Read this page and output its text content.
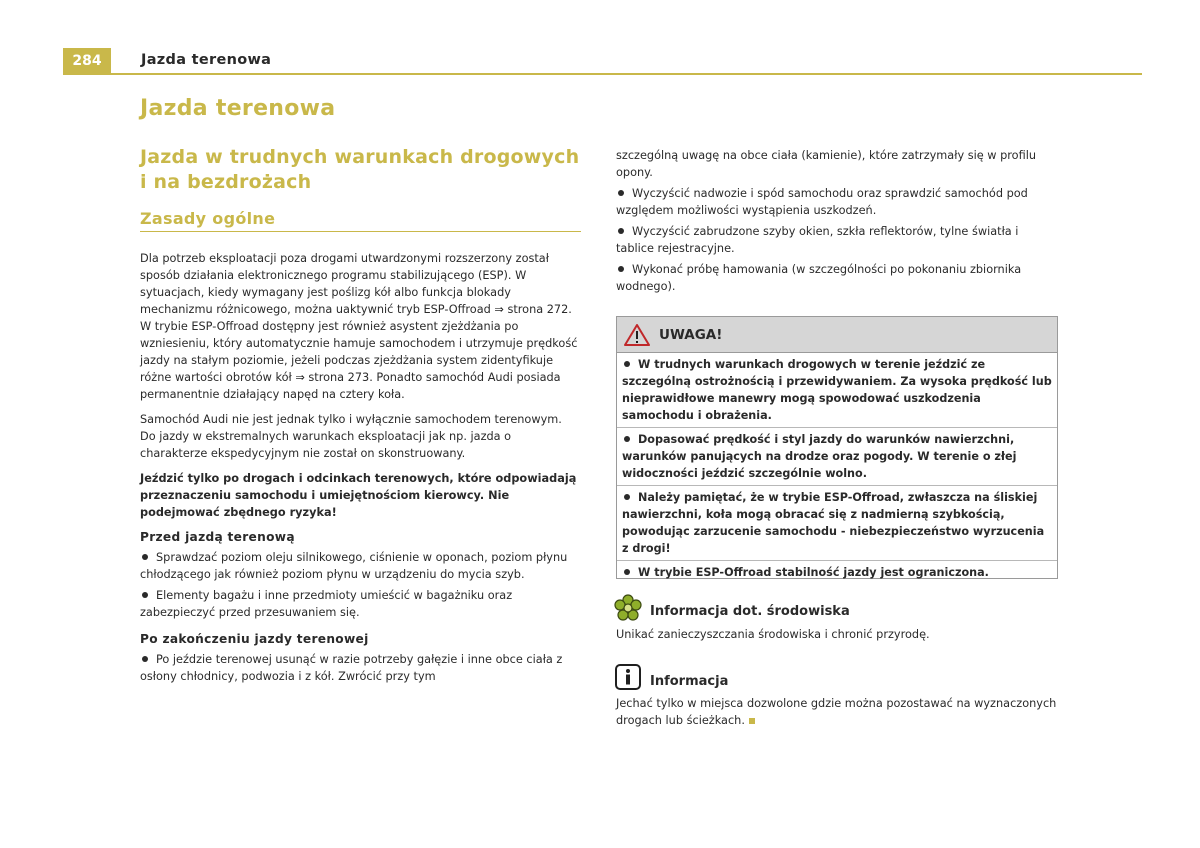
284	Jazda terenowa
Jazda terenowa
Jazda w trudnych warunkach drogowych i na bezdrożach
Zasady ogólne

Dla potrzeb eksploatacji poza drogami utwardzonymi rozszerzony został sposób działania elektronicznego programu stabilizującego (ESP). W sytuacjach, kiedy wymagany jest poślizg kół albo funkcja blokady mechanizmu różnicowego, można uaktywnić tryb ESP-Offroad ⇒ strona 272. W trybie ESP-Offroad dostępny jest również asystent zjeżdżania po wzniesieniu, który automatycznie hamuje samochodem i utrzymuje prędkość jazdy na stałym poziomie, jeżeli podczas zjeżdżania system zidentyfikuje różne wartości obrotów kół ⇒ strona 273. Ponadto samochód Audi posiada permanentnie działający napęd na cztery koła.

Samochód Audi nie jest jednak tylko i wyłącznie samochodem terenowym. Do jazdy w ekstremalnych warunkach eksploatacji jak np. jazda o charakterze ekspedycyjnym nie został on skonstruowany.

Jeździć tylko po drogach i odcinkach terenowych, które odpowiadają przeznaczeniu samochodu i umiejętnościom kierowcy. Nie podejmować zbędnego ryzyka!

Przed jazdą terenową

Sprawdzać poziom oleju silnikowego, ciśnienie w oponach, poziom płynu chłodzącego jak również poziom płynu w urządzeniu do mycia szyb.

Elementy bagażu i inne przedmioty umieścić w bagażniku oraz zabezpieczyć przed przesuwaniem się.

Po zakończeniu jazdy terenowej

Po jeździe terenowej usunąć w razie potrzeby gałęzie i inne obce ciała z osłony chłodnicy, podwozia i z kół. Zwrócić przy tym

szczególną uwagę na obce ciała (kamienie), które zatrzymały się w profilu opony.

Wyczyścić nadwozie i spód samochodu oraz sprawdzić samochód pod względem możliwości wystąpienia uszkodzeń.

Wyczyścić zabrudzone szyby okien, szkła reflektorów, tylne światła i tablice rejestracyjne.

Wykonać próbę hamowania (w szczególności po pokonaniu zbiornika wodnego).

UWAGA!
W trudnych warunkach drogowych w terenie jeździć ze szczególną ostrożnością i przewidywaniem. Za wysoka prędkość lub nieprawidłowe manewry mogą spowodować uszkodzenia samochodu i obrażenia.
Dopasować prędkość i styl jazdy do warunków nawierzchni, warunków panujących na drodze oraz pogody. W terenie o złej widoczności jeździć szczególnie wolno.
Należy pamiętać, że w trybie ESP-Offroad, zwłaszcza na śliskiej nawierzchni, koła mogą obracać się z nadmierną szybkością, powodując zarzucenie samochodu - niebezpieczeństwo wyrzucenia z drogi!
W trybie ESP-Offroad stabilność jazdy jest ograniczona.
Informacja dot. środowiska
Unikać zanieczyszczania środowiska i chronić przyrodę.
Informacja
Jechać tylko w miejsca dozwolone gdzie można pozostawać na wyznaczonych drogach lub ścieżkach.
